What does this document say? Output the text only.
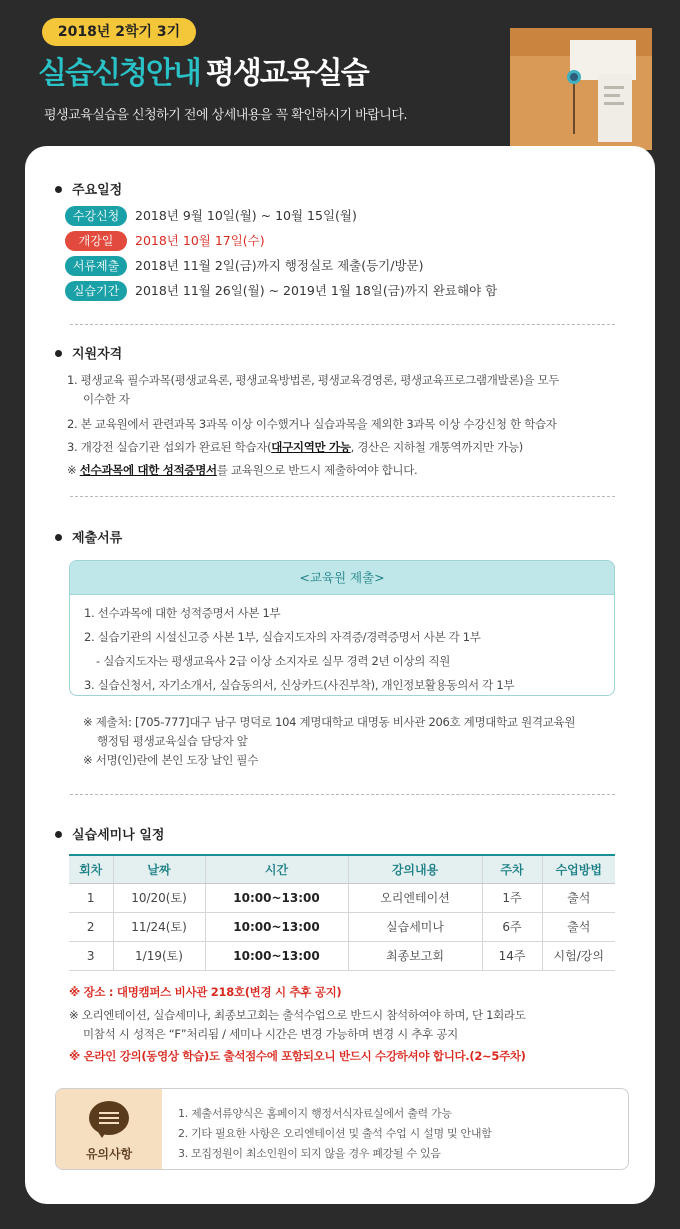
2018년 2학기 3기
실습신청안내 평생교육실습
평생교육실습을 신청하기 전에 상세내용을 꼭 확인하시기 바랍니다.
주요일정
수강신청 2018년 9월 10일(월) ~ 10월 15일(월)
개강일 2018년 10월 17일(수)
서류제출 2018년 11월 2일(금)까지 행정실로 제출(등기/방문)
실습기간 2018년 11월 26일(월) ~ 2019년 1월 18일(금)까지 완료해야 함
지원자격
1. 평생교육 필수과목(평생교육론, 평생교육방법론, 평생교육경영론, 평생교육프로그램개발론)을 모두
이수한 자
2. 본 교육원에서 관련과목 3과목 이상 이수했거나 실습과목을 제외한 3과목 이상 수강신청 한 학습자
3. 개강전 실습기관 섭외가 완료된 학습자(대구지역만 가능, 경산은 지하철 개통역까지만 가능)
※ 선수과목에 대한 성적증명서를 교육원으로 반드시 제출하여야 합니다.
제출서류
<교육원 제출>
1. 선수과목에 대한 성적증명서 사본 1부
2. 실습기관의 시설신고증 사본 1부, 실습지도자의 자격증/경력증명서 사본 각 1부
- 실습지도자는 평생교육사 2급 이상 소지자로 실무 경력 2년 이상의 직원
3. 실습신청서, 자기소개서, 실습동의서, 신상카드(사진부착), 개인정보활용동의서 각 1부
※ 제출처: [705-777]대구 남구 명덕로 104 계명대학교 대명동 비사관 206호 계명대학교 원격교육원
행정팀 평생교육실습 담당자 앞
※ 서명(인)란에 본인 도장 날인 필수
실습세미나 일정
회차	날짜	시간	강의내용	주차	수업방법
1	10/20(토)	10:00~13:00	오리엔테이션	1주	출석
2	11/24(토)	10:00~13:00	실습세미나	6주	출석
3	1/19(토)	10:00~13:00	최종보고회	14주	시험/강의
※ 장소 : 대명캠퍼스 비사관 218호(변경 시 추후 공지)
※ 오리엔테이션, 실습세미나, 최종보고회는 출석수업으로 반드시 참석하여야 하며, 단 1회라도
미참석 시 성적은 “F”처리됨 / 세미나 시간은 변경 가능하며 변경 시 추후 공지
※ 온라인 강의(동영상 학습)도 출석점수에 포함되오니 반드시 수강하셔야 합니다.(2~5주차)
유의사항
1. 제출서류양식은 홈페이지 행정서식자료실에서 출력 가능
2. 기타 필요한 사항은 오리엔테이션 및 출석 수업 시 설명 및 안내함
3. 모집정원이 최소인원이 되지 않을 경우 폐강될 수 있음
